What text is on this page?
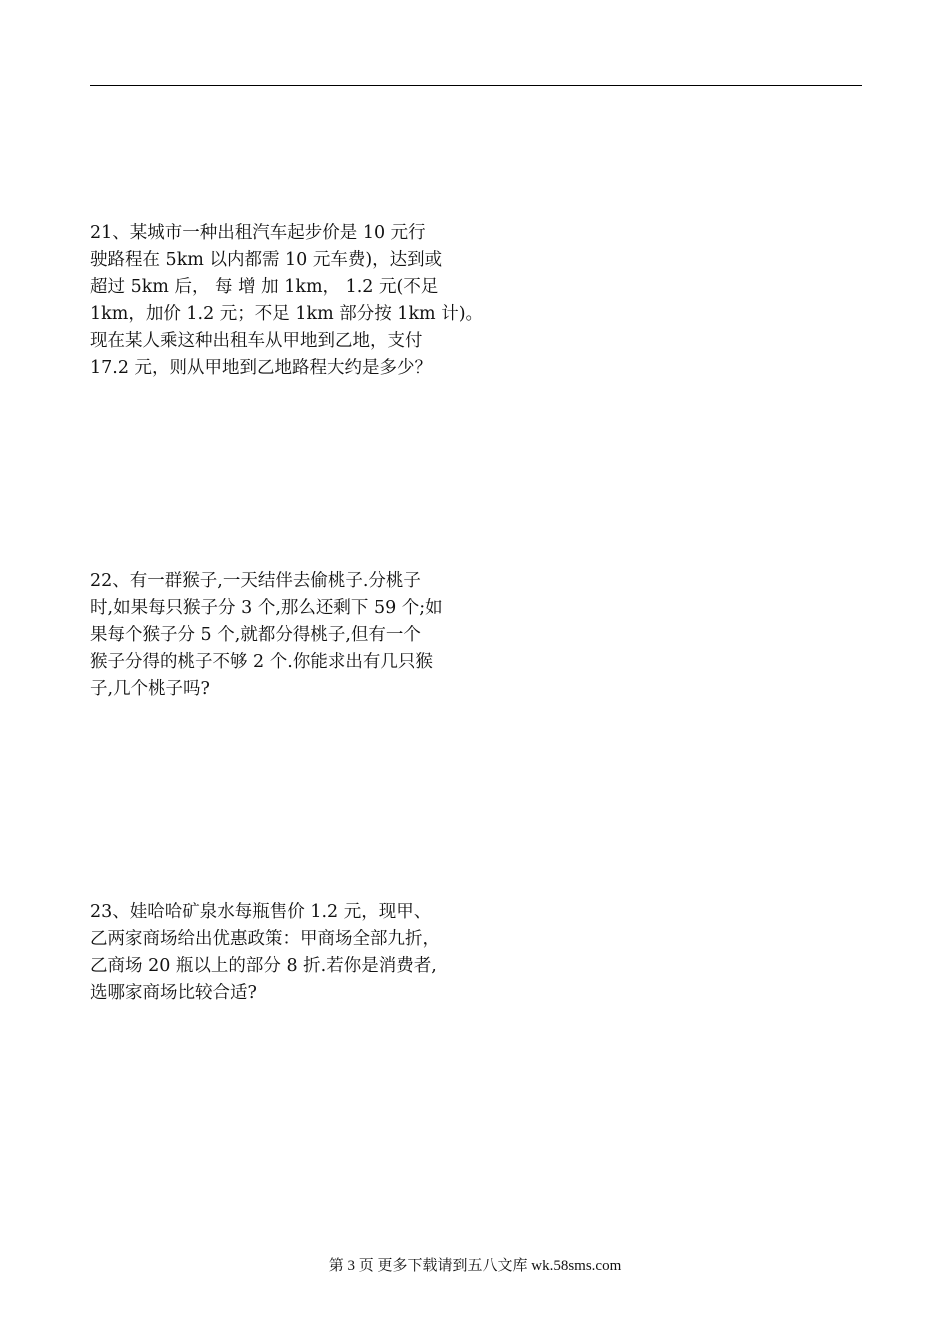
21、某城市一种出租汽车起步价是 10 元行
驶路程在 5km 以内都需 10 元车费)，达到或
超过 5km 后， 每 增 加 1km， 1.2 元(不足
1km，加价 1.2 元；不足 1km 部分按 1km 计)。
现在某人乘这种出租车从甲地到乙地，支付
17.2 元，则从甲地到乙地路程大约是多少？
22、有一群猴子,一天结伴去偷桃子.分桃子
时,如果每只猴子分 3 个,那么还剩下 59 个;如
果每个猴子分 5 个,就都分得桃子,但有一个
猴子分得的桃子不够 2 个.你能求出有几只猴
子,几个桃子吗?
23、娃哈哈矿泉水每瓶售价 1.2 元，现甲、
乙两家商场给出优惠政策：甲商场全部九折，
乙商场 20 瓶以上的部分 8 折.若你是消费者,
选哪家商场比较合适?
第 3 页 更多下载请到五八文库 wk.58sms.com
